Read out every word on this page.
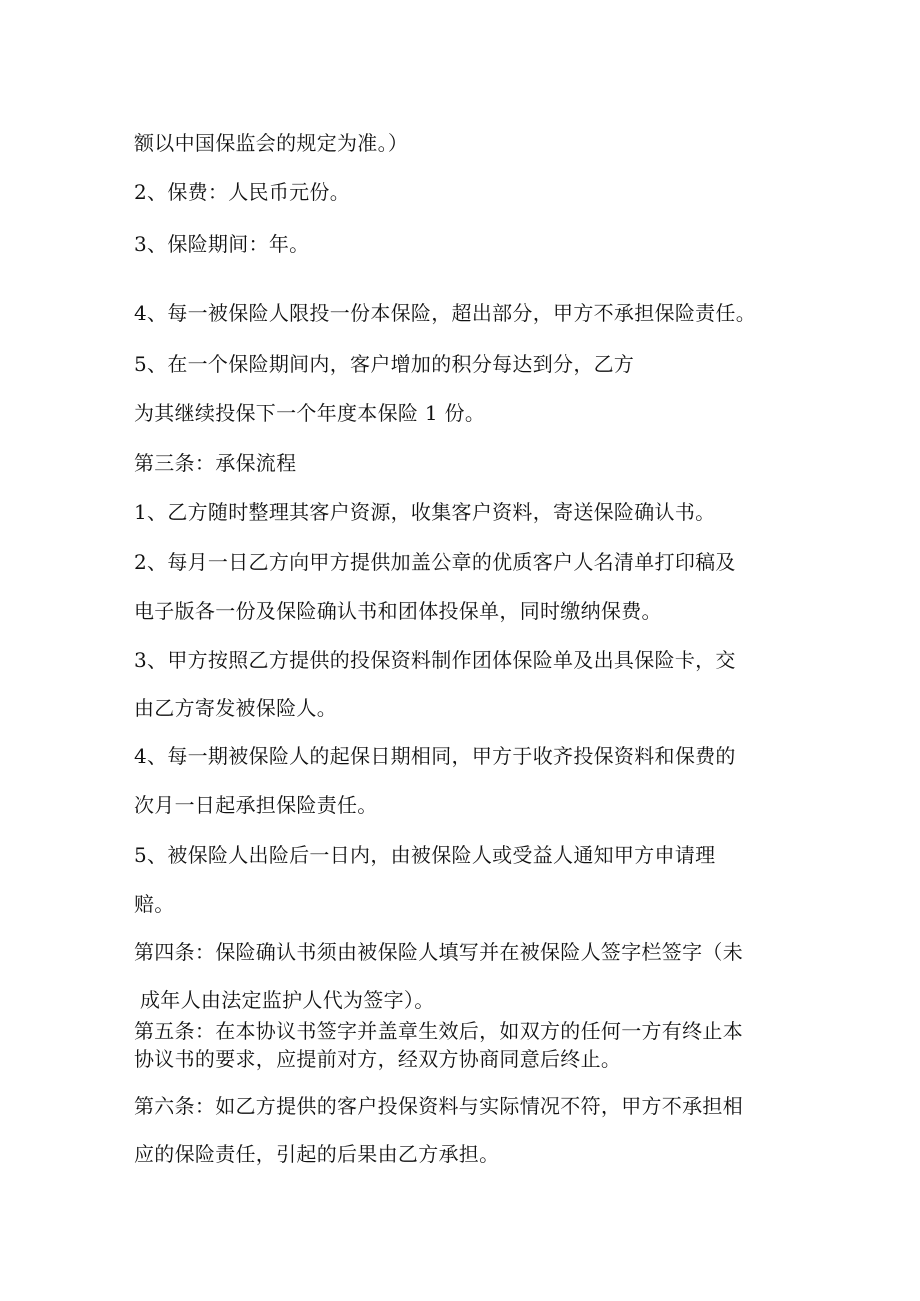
额以中国保监会的规定为准。）
2、保费：人民币元份。
3、保险期间：年。
4、每一被保险人限投一份本保险，超出部分，甲方不承担保险责任。
5、在一个保险期间内，客户增加的积分每达到分，乙方
为其继续投保下一个年度本保险 1 份。
第三条：承保流程
1、乙方随时整理其客户资源，收集客户资料，寄送保险确认书。
2、每月一日乙方向甲方提供加盖公章的优质客户人名清单打印稿及
电子版各一份及保险确认书和团体投保单，同时缴纳保费。
3、甲方按照乙方提供的投保资料制作团体保险单及出具保险卡，交
由乙方寄发被保险人。
4、每一期被保险人的起保日期相同，甲方于收齐投保资料和保费的
次月一日起承担保险责任。
5、被保险人出险后一日内，由被保险人或受益人通知甲方申请理
赔。
第四条：保险确认书须由被保险人填写并在被保险人签字栏签字（未
成年人由法定监护人代为签字）。
第五条：在本协议书签字并盖章生效后，如双方的任何一方有终止本
协议书的要求，应提前对方，经双方协商同意后终止。
第六条：如乙方提供的客户投保资料与实际情况不符，甲方不承担相
应的保险责任，引起的后果由乙方承担。
